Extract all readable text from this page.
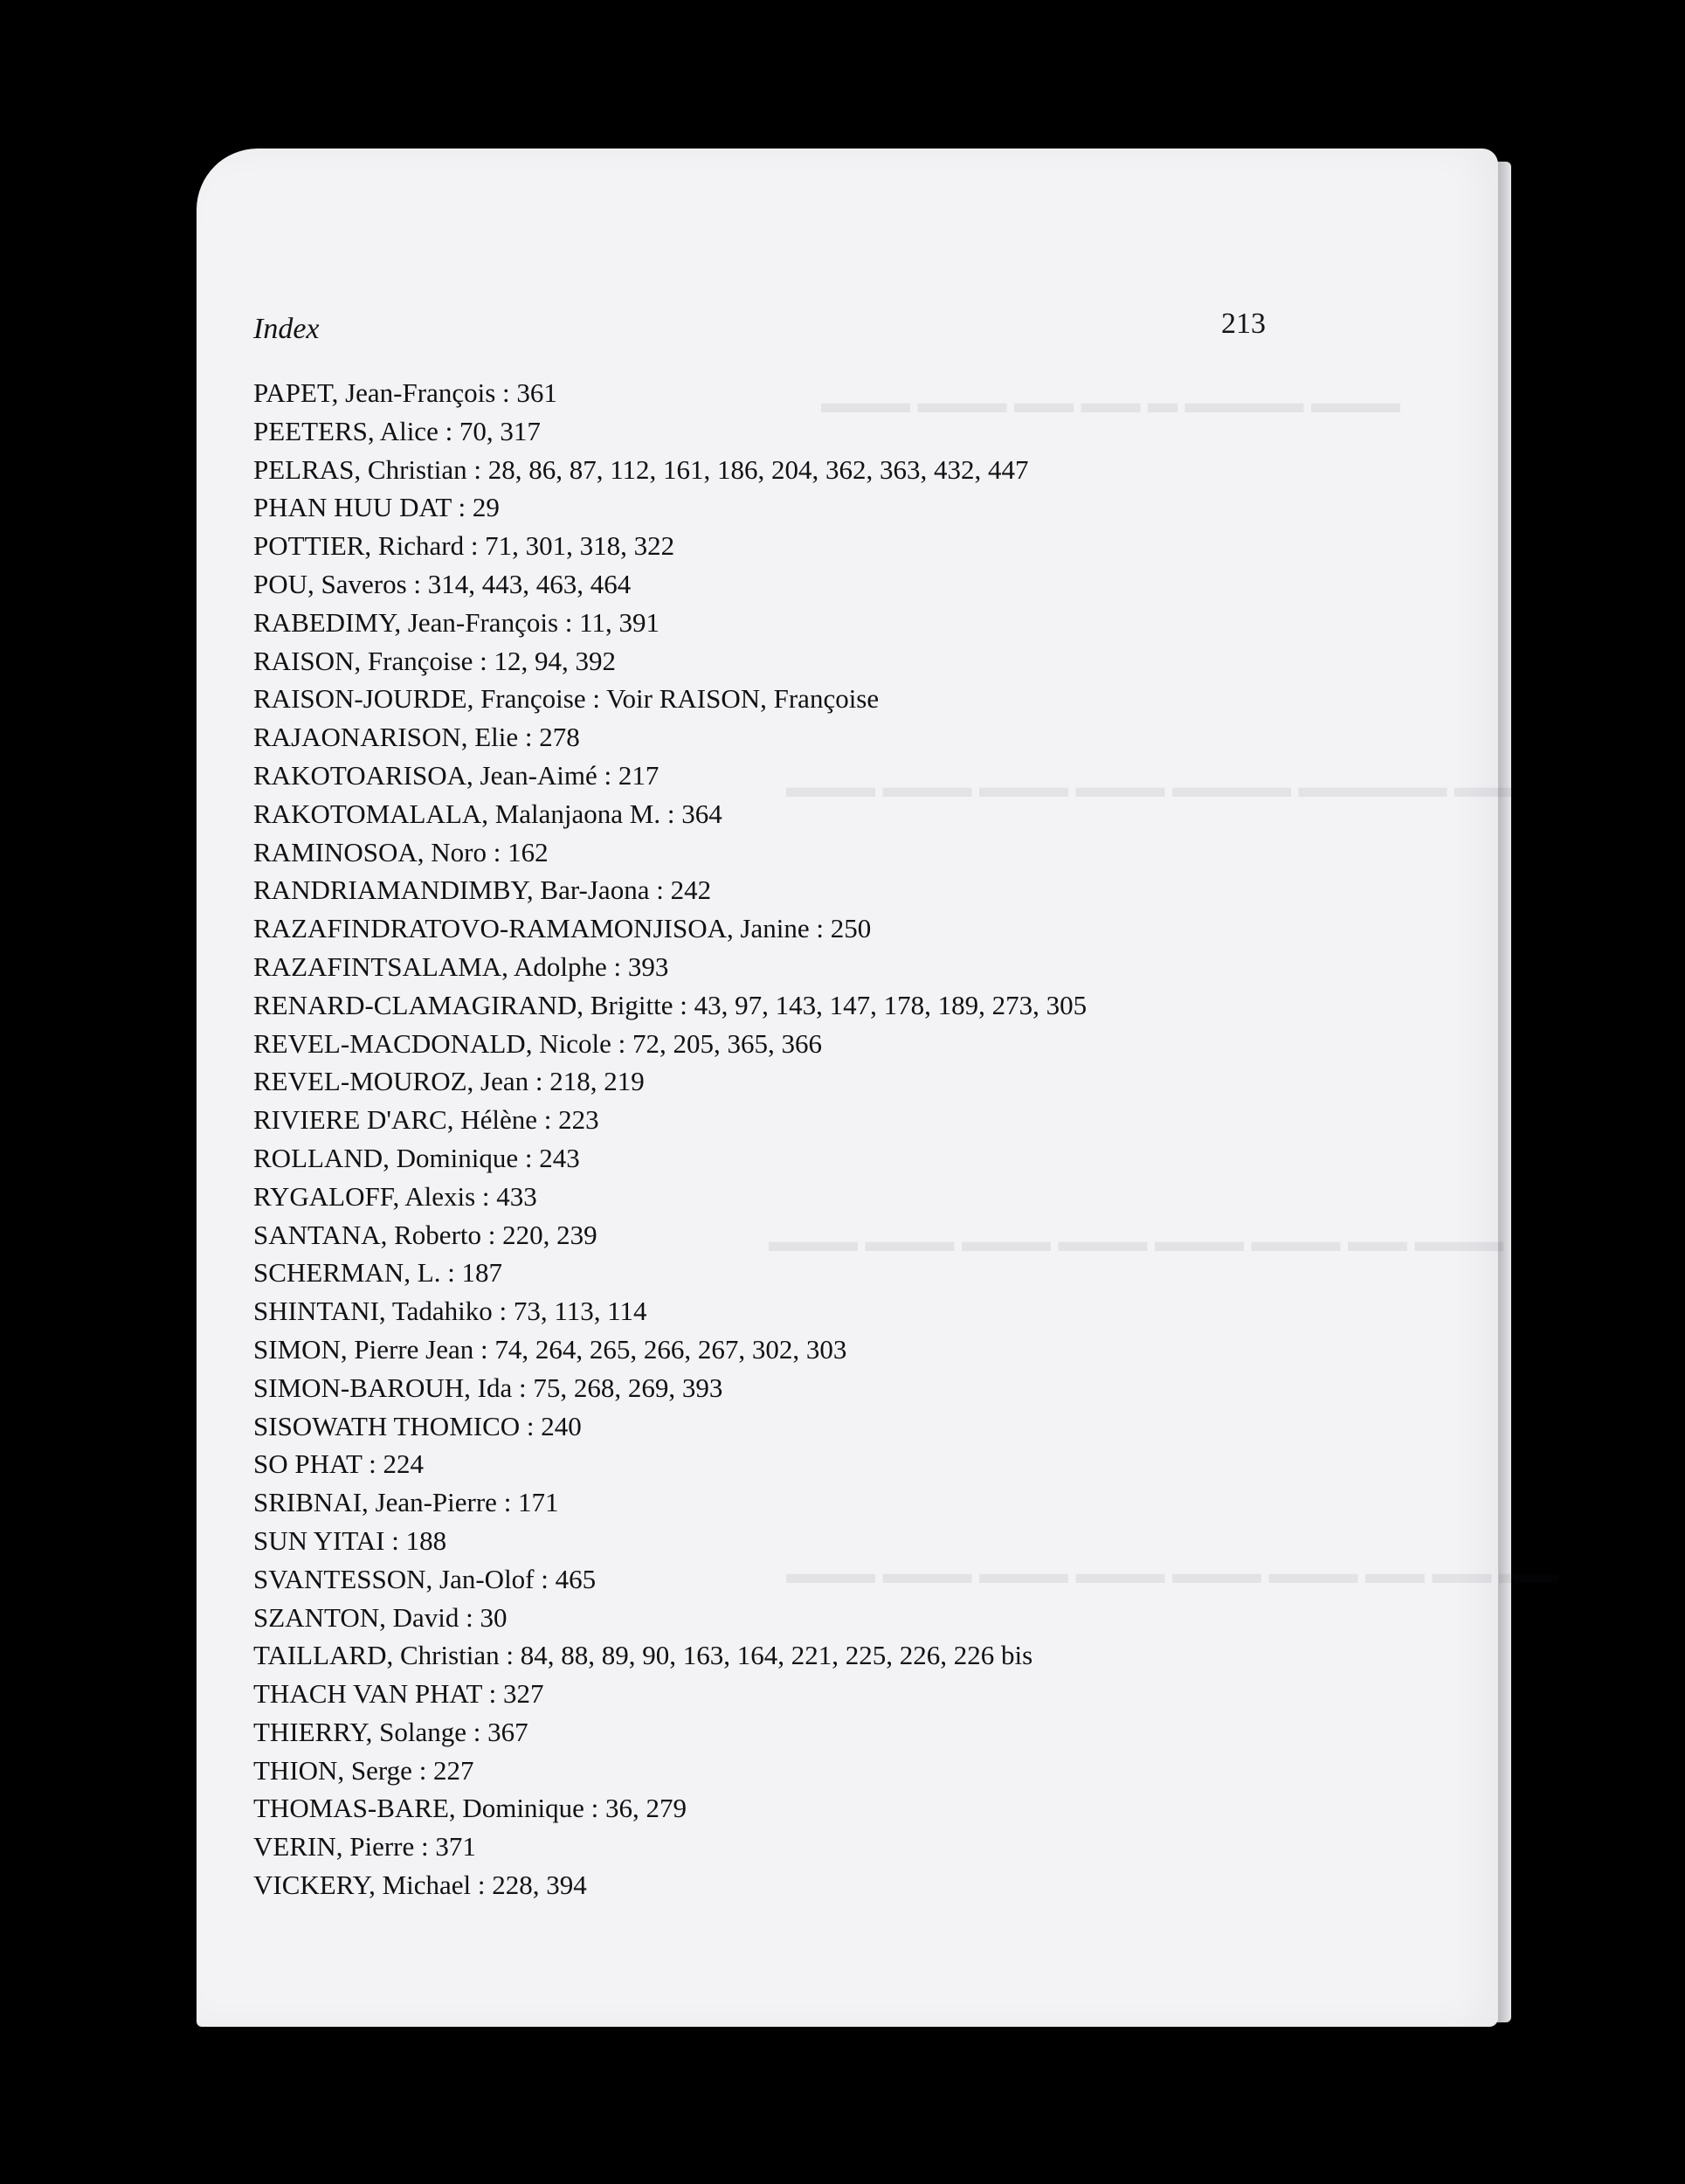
▬▬▬ ▬▬▬▬ ▬ ▬▬ ▬▬ ▬▬▬ ▬▬▬
▬▬ ▬▬▬▬▬ ▬▬▬▬ ▬▬▬ ▬▬▬ ▬▬▬ ▬▬▬
▬▬▬ ▬▬ ▬▬▬ ▬▬▬ ▬▬▬ ▬▬▬ ▬▬▬ ▬▬▬
▬▬ ▬▬ ▬▬ ▬▬▬ ▬▬▬ ▬▬▬ ▬▬▬ ▬▬▬ ▬▬▬
Index	213
PAPET, Jean-François : 361
PEETERS, Alice : 70, 317
PELRAS, Christian : 28, 86, 87, 112, 161, 186, 204, 362, 363, 432, 447
PHAN HUU DAT : 29
POTTIER, Richard : 71, 301, 318, 322
POU, Saveros : 314, 443, 463, 464
RABEDIMY, Jean-François : 11, 391
RAISON, Françoise : 12, 94, 392
RAISON-JOURDE, Françoise : Voir RAISON, Françoise
RAJAONARISON, Elie : 278
RAKOTOARISOA, Jean-Aimé : 217
RAKOTOMALALA, Malanjaona M. : 364
RAMINOSOA, Noro : 162
RANDRIAMANDIMBY, Bar-Jaona : 242
RAZAFINDRATOVO-RAMAMONJISOA, Janine : 250
RAZAFINTSALAMA, Adolphe : 393
RENARD-CLAMAGIRAND, Brigitte : 43, 97, 143, 147, 178, 189, 273, 305
REVEL-MACDONALD, Nicole : 72, 205, 365, 366
REVEL-MOUROZ, Jean : 218, 219
RIVIERE D'ARC, Hélène : 223
ROLLAND, Dominique : 243
RYGALOFF, Alexis : 433
SANTANA, Roberto : 220, 239
SCHERMAN, L. : 187
SHINTANI, Tadahiko : 73, 113, 114
SIMON, Pierre Jean : 74, 264, 265, 266, 267, 302, 303
SIMON-BAROUH, Ida : 75, 268, 269, 393
SISOWATH THOMICO : 240
SO PHAT : 224
SRIBNAI, Jean-Pierre : 171
SUN YITAI : 188
SVANTESSON, Jan-Olof : 465
SZANTON, David : 30
TAILLARD, Christian : 84, 88, 89, 90, 163, 164, 221, 225, 226, 226 bis
THACH VAN PHAT : 327
THIERRY, Solange : 367
THION, Serge : 227
THOMAS-BARE, Dominique : 36, 279
VERIN, Pierre : 371
VICKERY, Michael : 228, 394
